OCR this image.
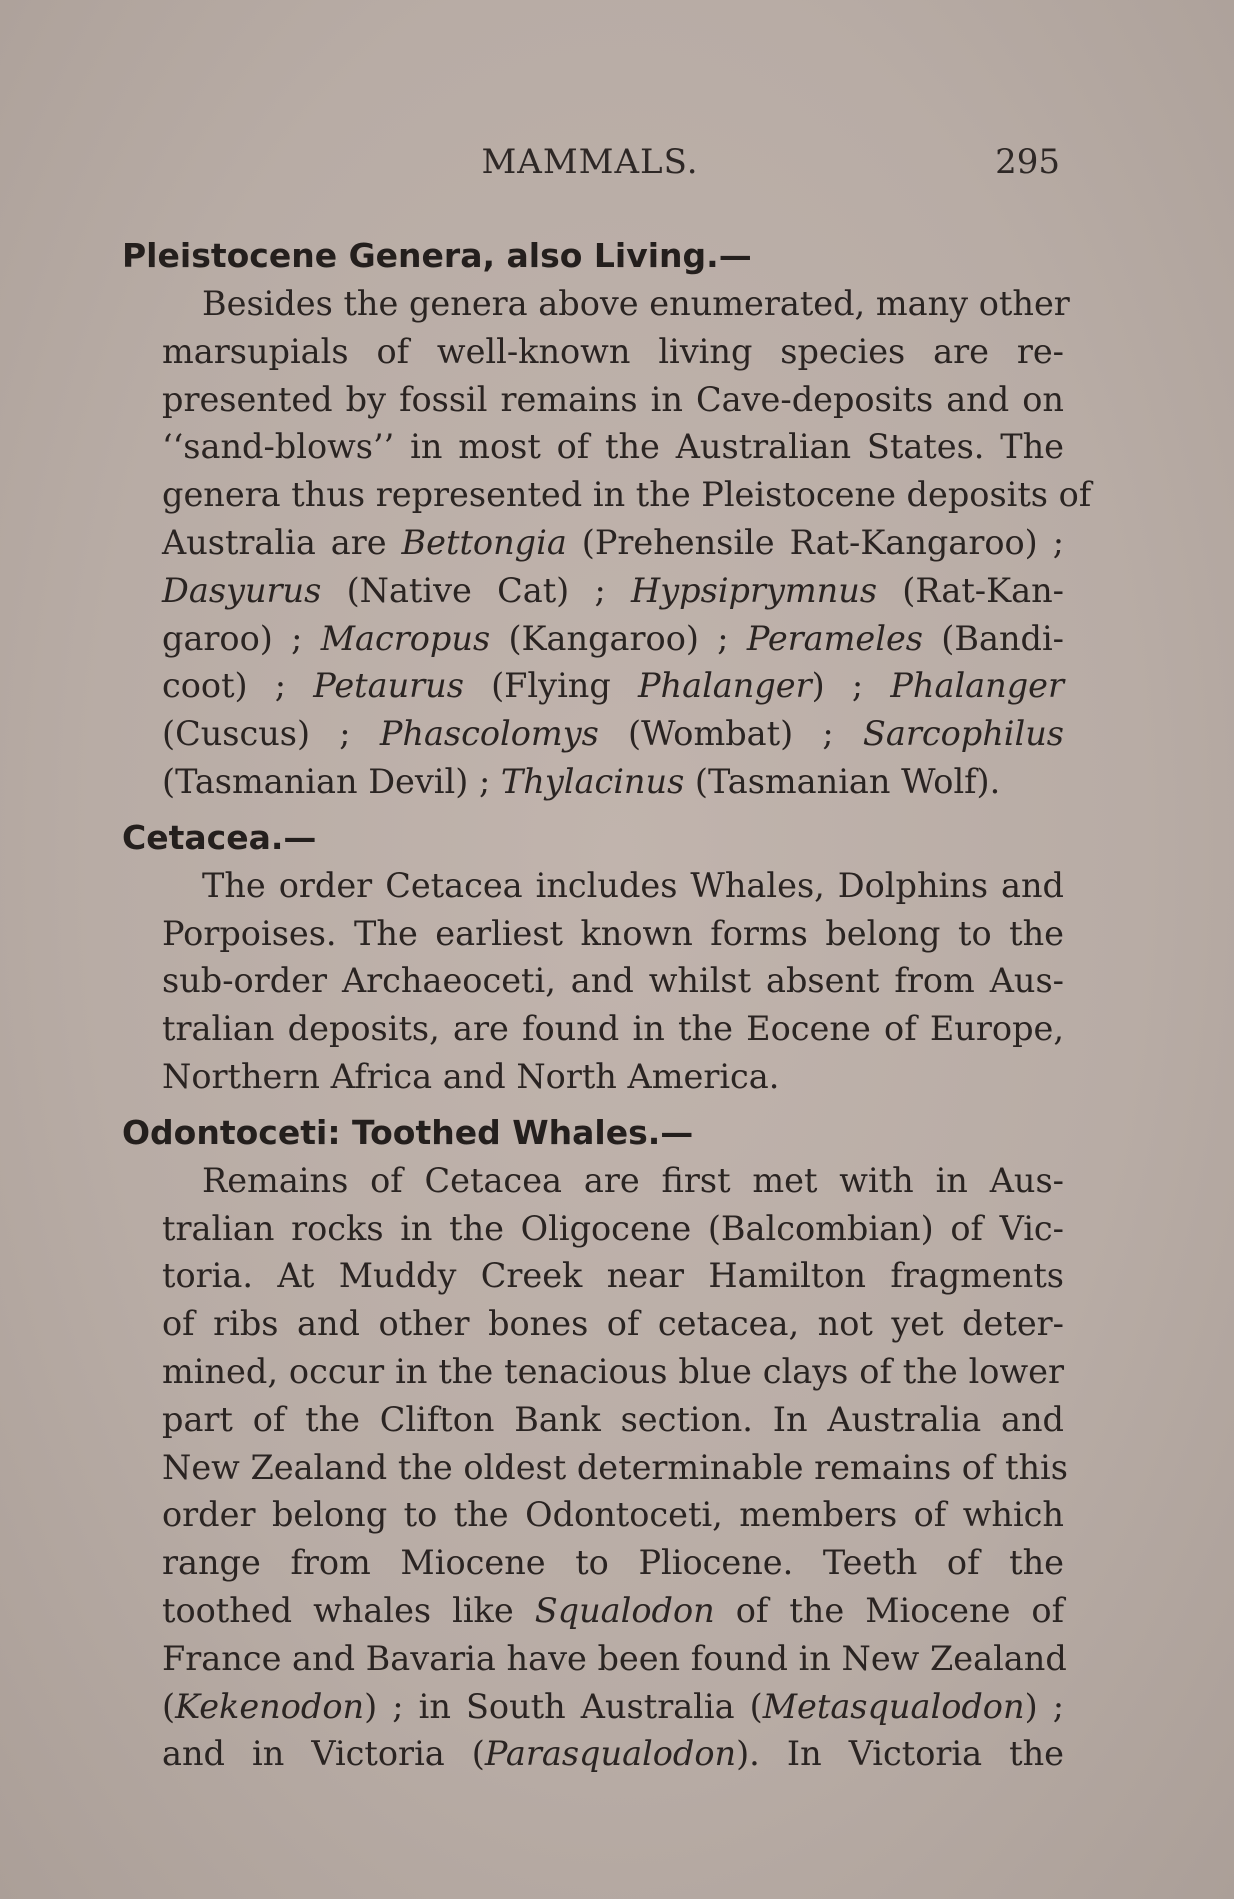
MAMMALS.	295
Pleistocene Genera, also Living.—
Besides the genera above enumerated, many other
marsupials of well-known living species are re-
presented by fossil remains in Cave-deposits and on
‘‘sand-blows’’ in most of the Australian States. The
genera thus represented in the Pleistocene deposits of
Australia are Bettongia (Prehensile Rat-Kangaroo) ;
Dasyurus (Native Cat) ; Hypsiprymnus (Rat-Kan-
garoo) ; Macropus (Kangaroo) ; Perameles (Bandi-
coot) ; Petaurus (Flying Phalanger) ; Phalanger
(Cuscus) ; Phascolomys (Wombat) ; Sarcophilus
(Tasmanian Devil) ; Thylacinus (Tasmanian Wolf).
Cetacea.—
The order Cetacea includes Whales, Dolphins and
Porpoises. The earliest known forms belong to the
sub-order Archaeoceti, and whilst absent from Aus-
tralian deposits, are found in the Eocene of Europe,
Northern Africa and North America.
Odontoceti: Toothed Whales.—
Remains of Cetacea are first met with in Aus-
tralian rocks in the Oligocene (Balcombian) of Vic-
toria. At Muddy Creek near Hamilton fragments
of ribs and other bones of cetacea, not yet deter-
mined, occur in the tenacious blue clays of the lower
part of the Clifton Bank section. In Australia and
New Zealand the oldest determinable remains of this
order belong to the Odontoceti, members of which
range from Miocene to Pliocene. Teeth of the
toothed whales like Squalodon of the Miocene of
France and Bavaria have been found in New Zealand
(Kekenodon) ; in South Australia (Metasqualodon) ;
and in Victoria (Parasqualodon). In Victoria the
